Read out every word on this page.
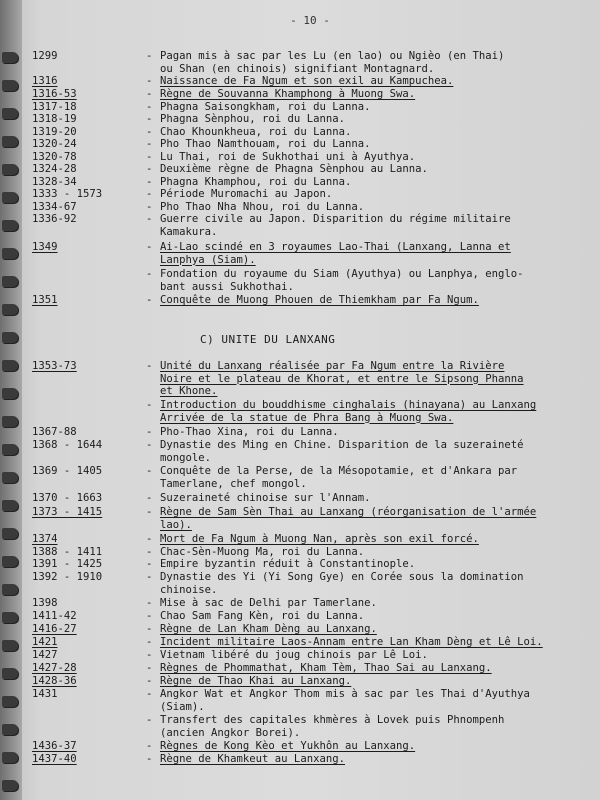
- 10 -
C) UNITE DU LANXANG
1299	- Pagan mis à sac par les Lu (en lao) ou Ngièo (en Thai)
ou Shan (en chinois) signifiant Montagnard.
1316	- Naissance de Fa Ngum et son exil au Kampuchea.
1316-53	- Règne de Souvanna Khamphong à Muong Swa.
1317-18	- Phagna Saisongkham, roi du Lanna.
1318-19	- Phagna Sènphou, roi du Lanna.
1319-20	- Chao Khounkheua, roi du Lanna.
1320-24	- Pho Thao Namthouam, roi du Lanna.
1320-78	- Lu Thai, roi de Sukhothai uni à Ayuthya.
1324-28	- Deuxième règne de Phagna Sènphou au Lanna.
1328-34	- Phagna Khamphou, roi du Lanna.
1333 - 1573	- Période Muromachi au Japon.
1334-67	- Pho Thao Nha Nhou, roi du Lanna.
1336-92	- Guerre civile au Japon. Disparition du régime militaire
Kamakura.
1349	- Ai-Lao scindé en 3 royaumes Lao-Thai (Lanxang, Lanna et
Lanphya (Siam).
- Fondation du royaume du Siam (Ayuthya) ou Lanphya, englo-
bant aussi Sukhothai.
1351	- Conquête de Muong Phouen de Thiemkham par Fa Ngum.
1353-73	- Unité du Lanxang réalisée par Fa Ngum entre la Rivière
Noire et le plateau de Khorat, et entre le Sipsong Phanna
et Khone.
- Introduction du bouddhisme cinghalais (hinayana) au Lanxang
Arrivée de la statue de Phra Bang à Muong Swa.
1367-88	- Pho-Thao Xina, roi du Lanna.
1368 - 1644	- Dynastie des Ming en Chine. Disparition de la suzeraineté
mongole.
1369 - 1405	- Conquête de la Perse, de la Mésopotamie, et d'Ankara par
Tamerlane, chef mongol.
1370 - 1663	- Suzeraineté chinoise sur l'Annam.
1373 - 1415	- Règne de Sam Sèn Thai au Lanxang (réorganisation de l'armée
lao).
1374	- Mort de Fa Ngum à Muong Nan, après son exil forcé.
1388 - 1411	- Chac-Sèn-Muong Ma, roi du Lanna.
1391 - 1425	- Empire byzantin réduit à Constantinople.
1392 - 1910	- Dynastie des Yi (Yi Song Gye) en Corée sous la domination
chinoise.
1398	- Mise à sac de Delhi par Tamerlane.
1411-42	- Chao Sam Fang Kèn, roi du Lanna.
1416-27	- Règne de Lan Kham Dèng au Lanxang.
1421	- Incident militaire Laos-Annam entre Lan Kham Dèng et Lê Loi.
1427	- Vietnam libéré du joug chinois par Lê Loi.
1427-28	- Règnes de Phommathat, Kham Tèm, Thao Sai au Lanxang.
1428-36	- Règne de Thao Khai au Lanxang.
1431	- Angkor Wat et Angkor Thom mis à sac par les Thai d'Ayuthya
(Siam).
- Transfert des capitales khmères à Lovek puis Phnompenh
(ancien Angkor Borei).
1436-37	- Règnes de Kong Kèo et Yukhôn au Lanxang.
1437-40	- Règne de Khamkeut au Lanxang.
